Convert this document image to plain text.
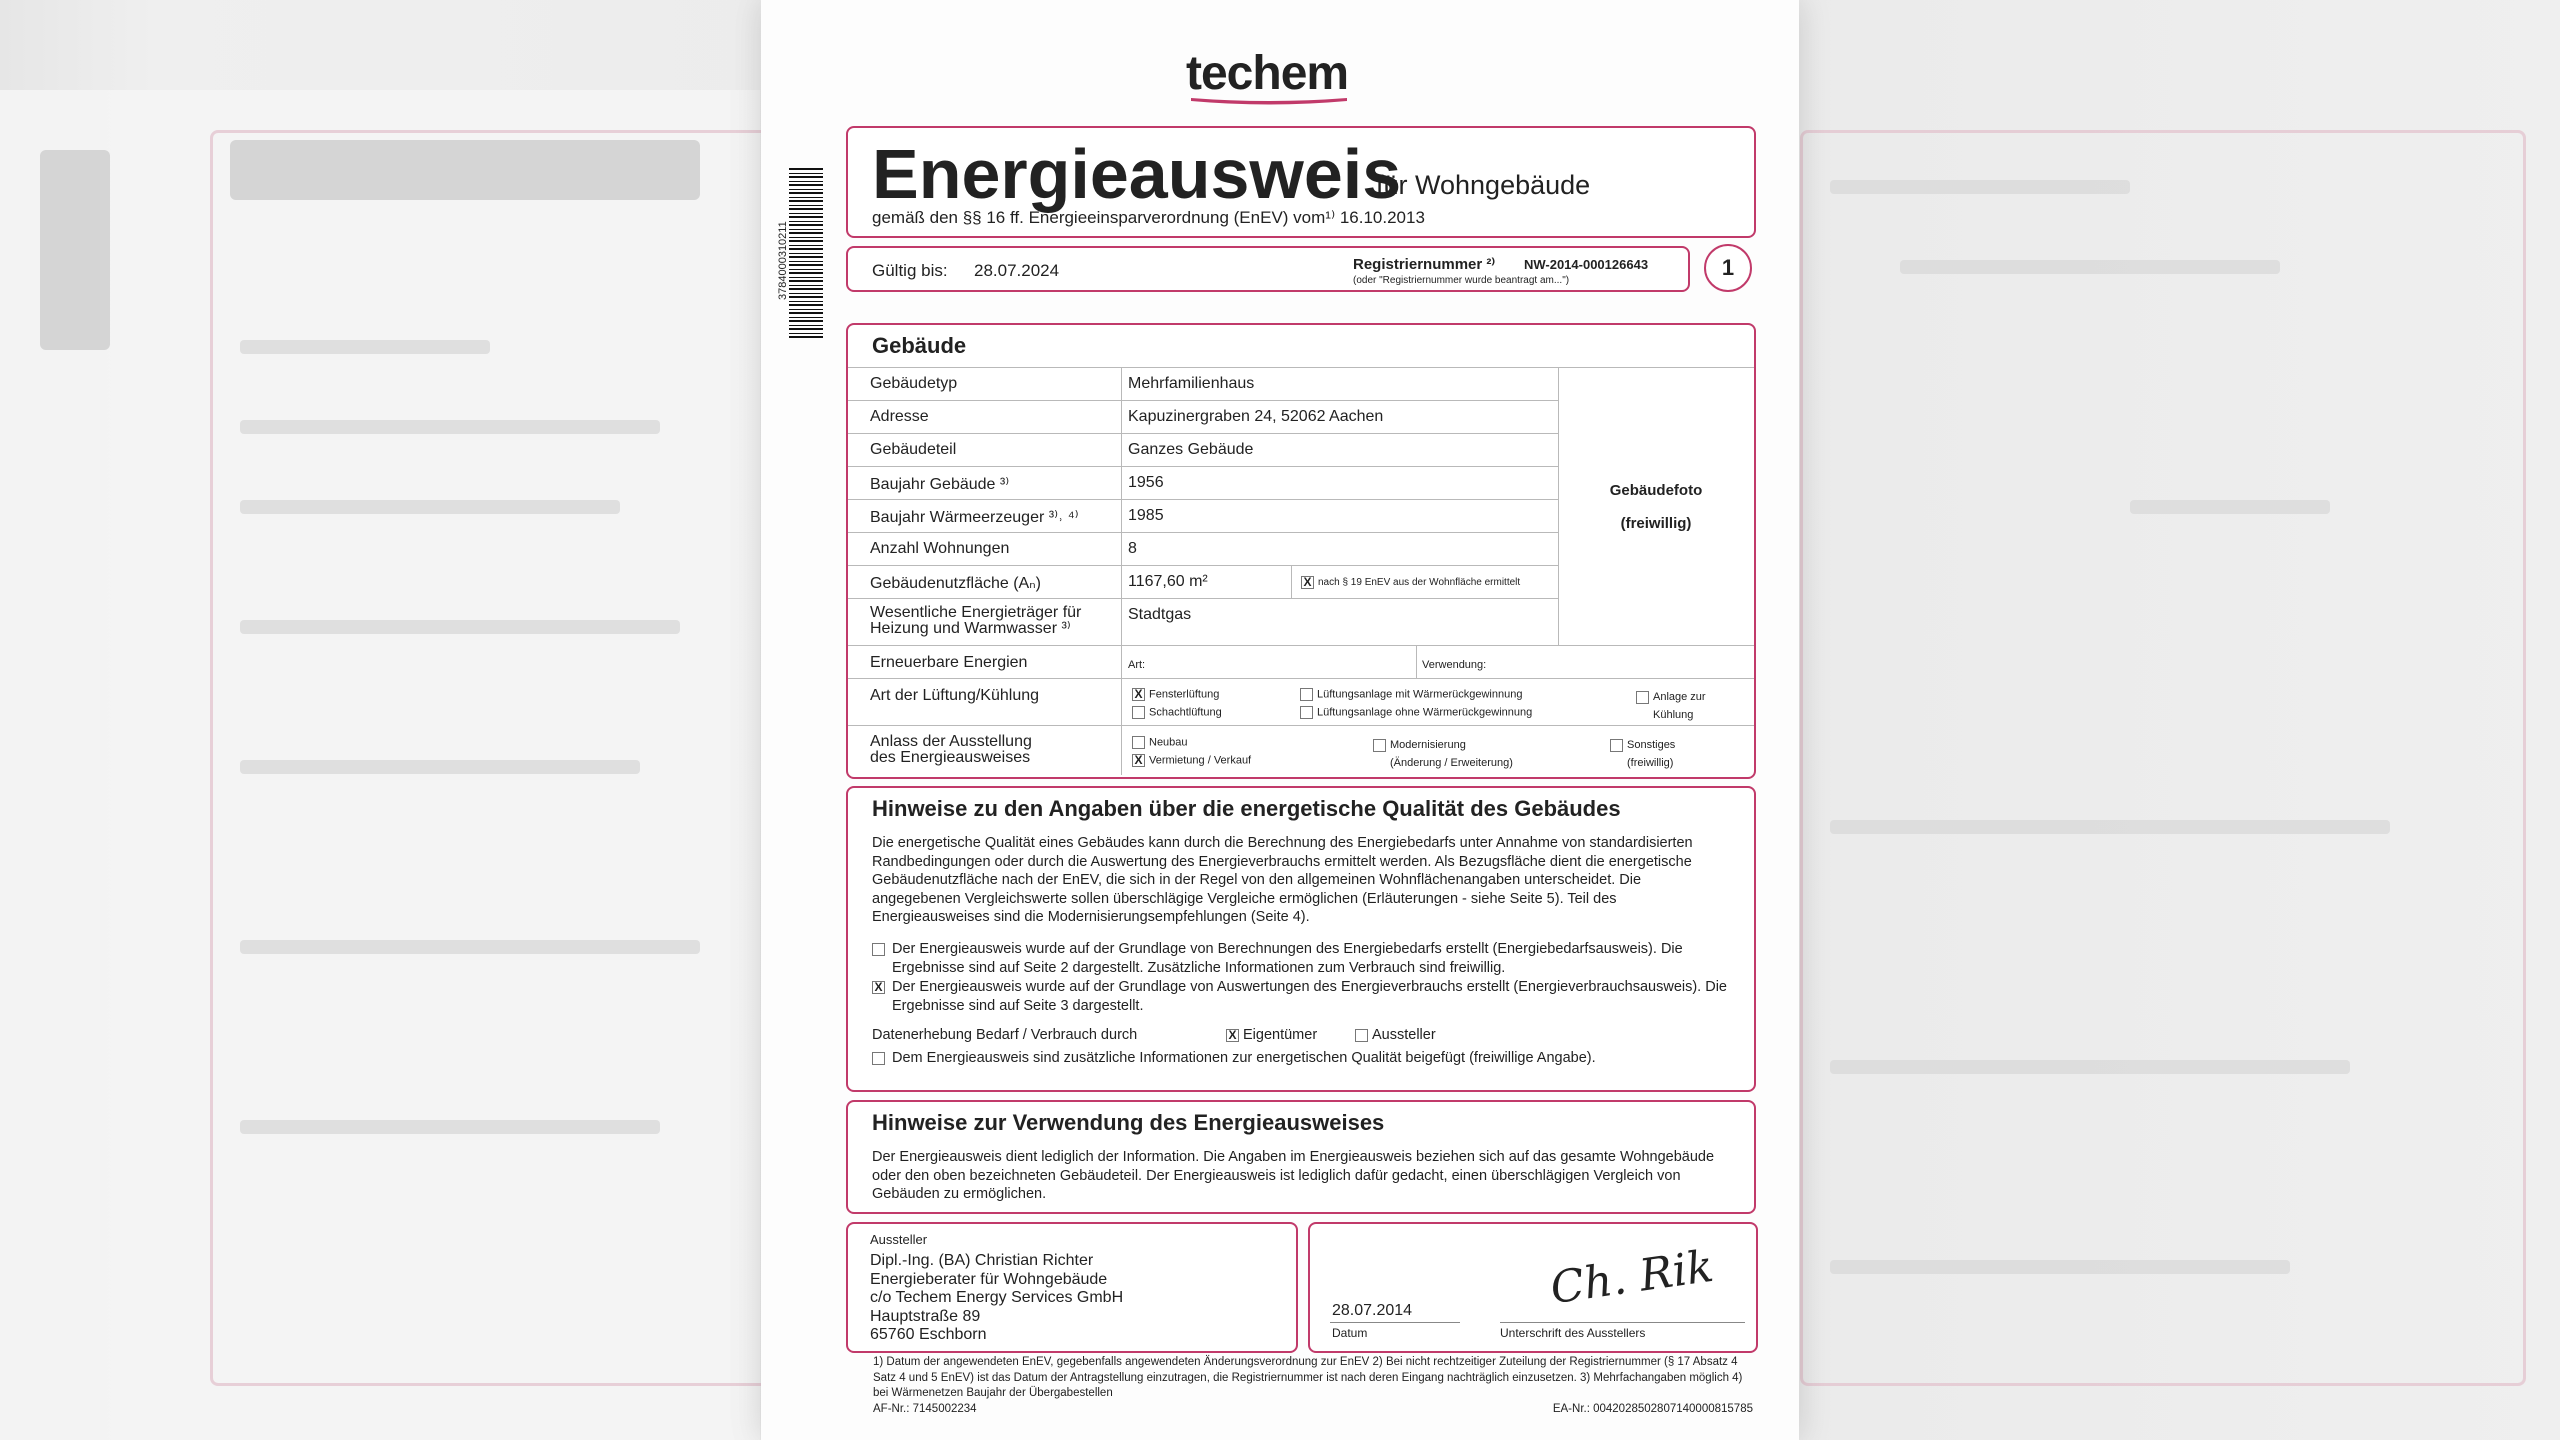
techem
3784000310211
Energieausweis
für Wohngebäude
gemäß den §§ 16 ff. Energieeinsparverordnung (EnEV) vom¹⁾ 16.10.2013
Gültig bis: 28.07.2024	Registriernummer ²⁾ NW-2014-000126643
(oder "Registriernummer wurde beantragt am...")
1
Gebäude
Gebäudetyp	Mehrfamilienhaus
Adresse	Kapuzinergraben 24, 52062 Aachen
Gebäudeteil	Ganzes Gebäude
Baujahr Gebäude ³⁾	1956
Baujahr Wärmeerzeuger ³⁾˒ ⁴⁾	1985
Anzahl Wohnungen	8
Gebäudenutzfläche (Aₙ)	1167,60 m²	X nach § 19 EnEV aus der Wohnfläche ermittelt
Wesentliche Energieträger für
Heizung und Warmwasser ³⁾
Stadtgas
Gebäudefoto
(freiwillig)
Erneuerbare Energien	Art:	Verwendung:
Art der Lüftung/Kühlung	X Fensterlüftung
Schachtlüftung
Lüftungsanlage mit Wärmerückgewinnung
Lüftungsanlage ohne Wärmerückgewinnung
Anlage zur
Kühlung
Anlass der Ausstellung
des Energieausweises
Neubau
X Vermietung / Verkauf
Modernisierung
(Änderung / Erweiterung)
Sonstiges
(freiwillig)
Hinweise zu den Angaben über die energetische Qualität des Gebäudes
Die energetische Qualität eines Gebäudes kann durch die Berechnung des Energiebedarfs unter Annahme von standardisierten Randbedingungen oder durch die Auswertung des Energieverbrauchs ermittelt werden. Als Bezugsfläche dient die energetische Gebäudenutzfläche nach der EnEV, die sich in der Regel von den allgemeinen Wohnflächenangaben unterscheidet. Die angegebenen Vergleichswerte sollen überschlägige Vergleiche ermöglichen (Erläuterungen - siehe Seite 5). Teil des Energieausweises sind die Modernisierungsempfehlungen (Seite 4).
Der Energieausweis wurde auf der Grundlage von Berechnungen des Energiebedarfs erstellt (Energiebedarfsausweis). Die Ergebnisse sind auf Seite 2 dargestellt. Zusätzliche Informationen zum Verbrauch sind freiwillig.
X Der Energieausweis wurde auf der Grundlage von Auswertungen des Energieverbrauchs erstellt (Energieverbrauchsausweis). Die Ergebnisse sind auf Seite 3 dargestellt.
Datenerhebung Bedarf / Verbrauch durch	X Eigentümer	Aussteller
Dem Energieausweis sind zusätzliche Informationen zur energetischen Qualität beigefügt (freiwillige Angabe).
Hinweise zur Verwendung des Energieausweises
Der Energieausweis dient lediglich der Information. Die Angaben im Energieausweis beziehen sich auf das gesamte Wohngebäude oder den oben bezeichneten Gebäudeteil. Der Energieausweis ist lediglich dafür gedacht, einen überschlägigen Vergleich von Gebäuden zu ermöglichen.
Aussteller
Dipl.-Ing. (BA) Christian Richter
Energieberater für Wohngebäude
c/o Techem Energy Services GmbH
Hauptstraße 89
65760 Eschborn
28.07.2014
Datum
Ch. Rik
Unterschrift des Ausstellers
1) Datum der angewendeten EnEV, gegebenfalls angewendeten Änderungsverordnung zur EnEV 2) Bei nicht rechtzeitiger Zuteilung der Registriernummer (§ 17 Absatz 4 Satz 4 und 5 EnEV) ist das Datum der Antragstellung einzutragen, die Registriernummer ist nach deren Eingang nachträglich einzusetzen. 3) Mehrfachangaben möglich 4) bei Wärmenetzen Baujahr der Übergabestellen
AF-Nr.: 7145002234	EA-Nr.: 004202850280714000081578​5
